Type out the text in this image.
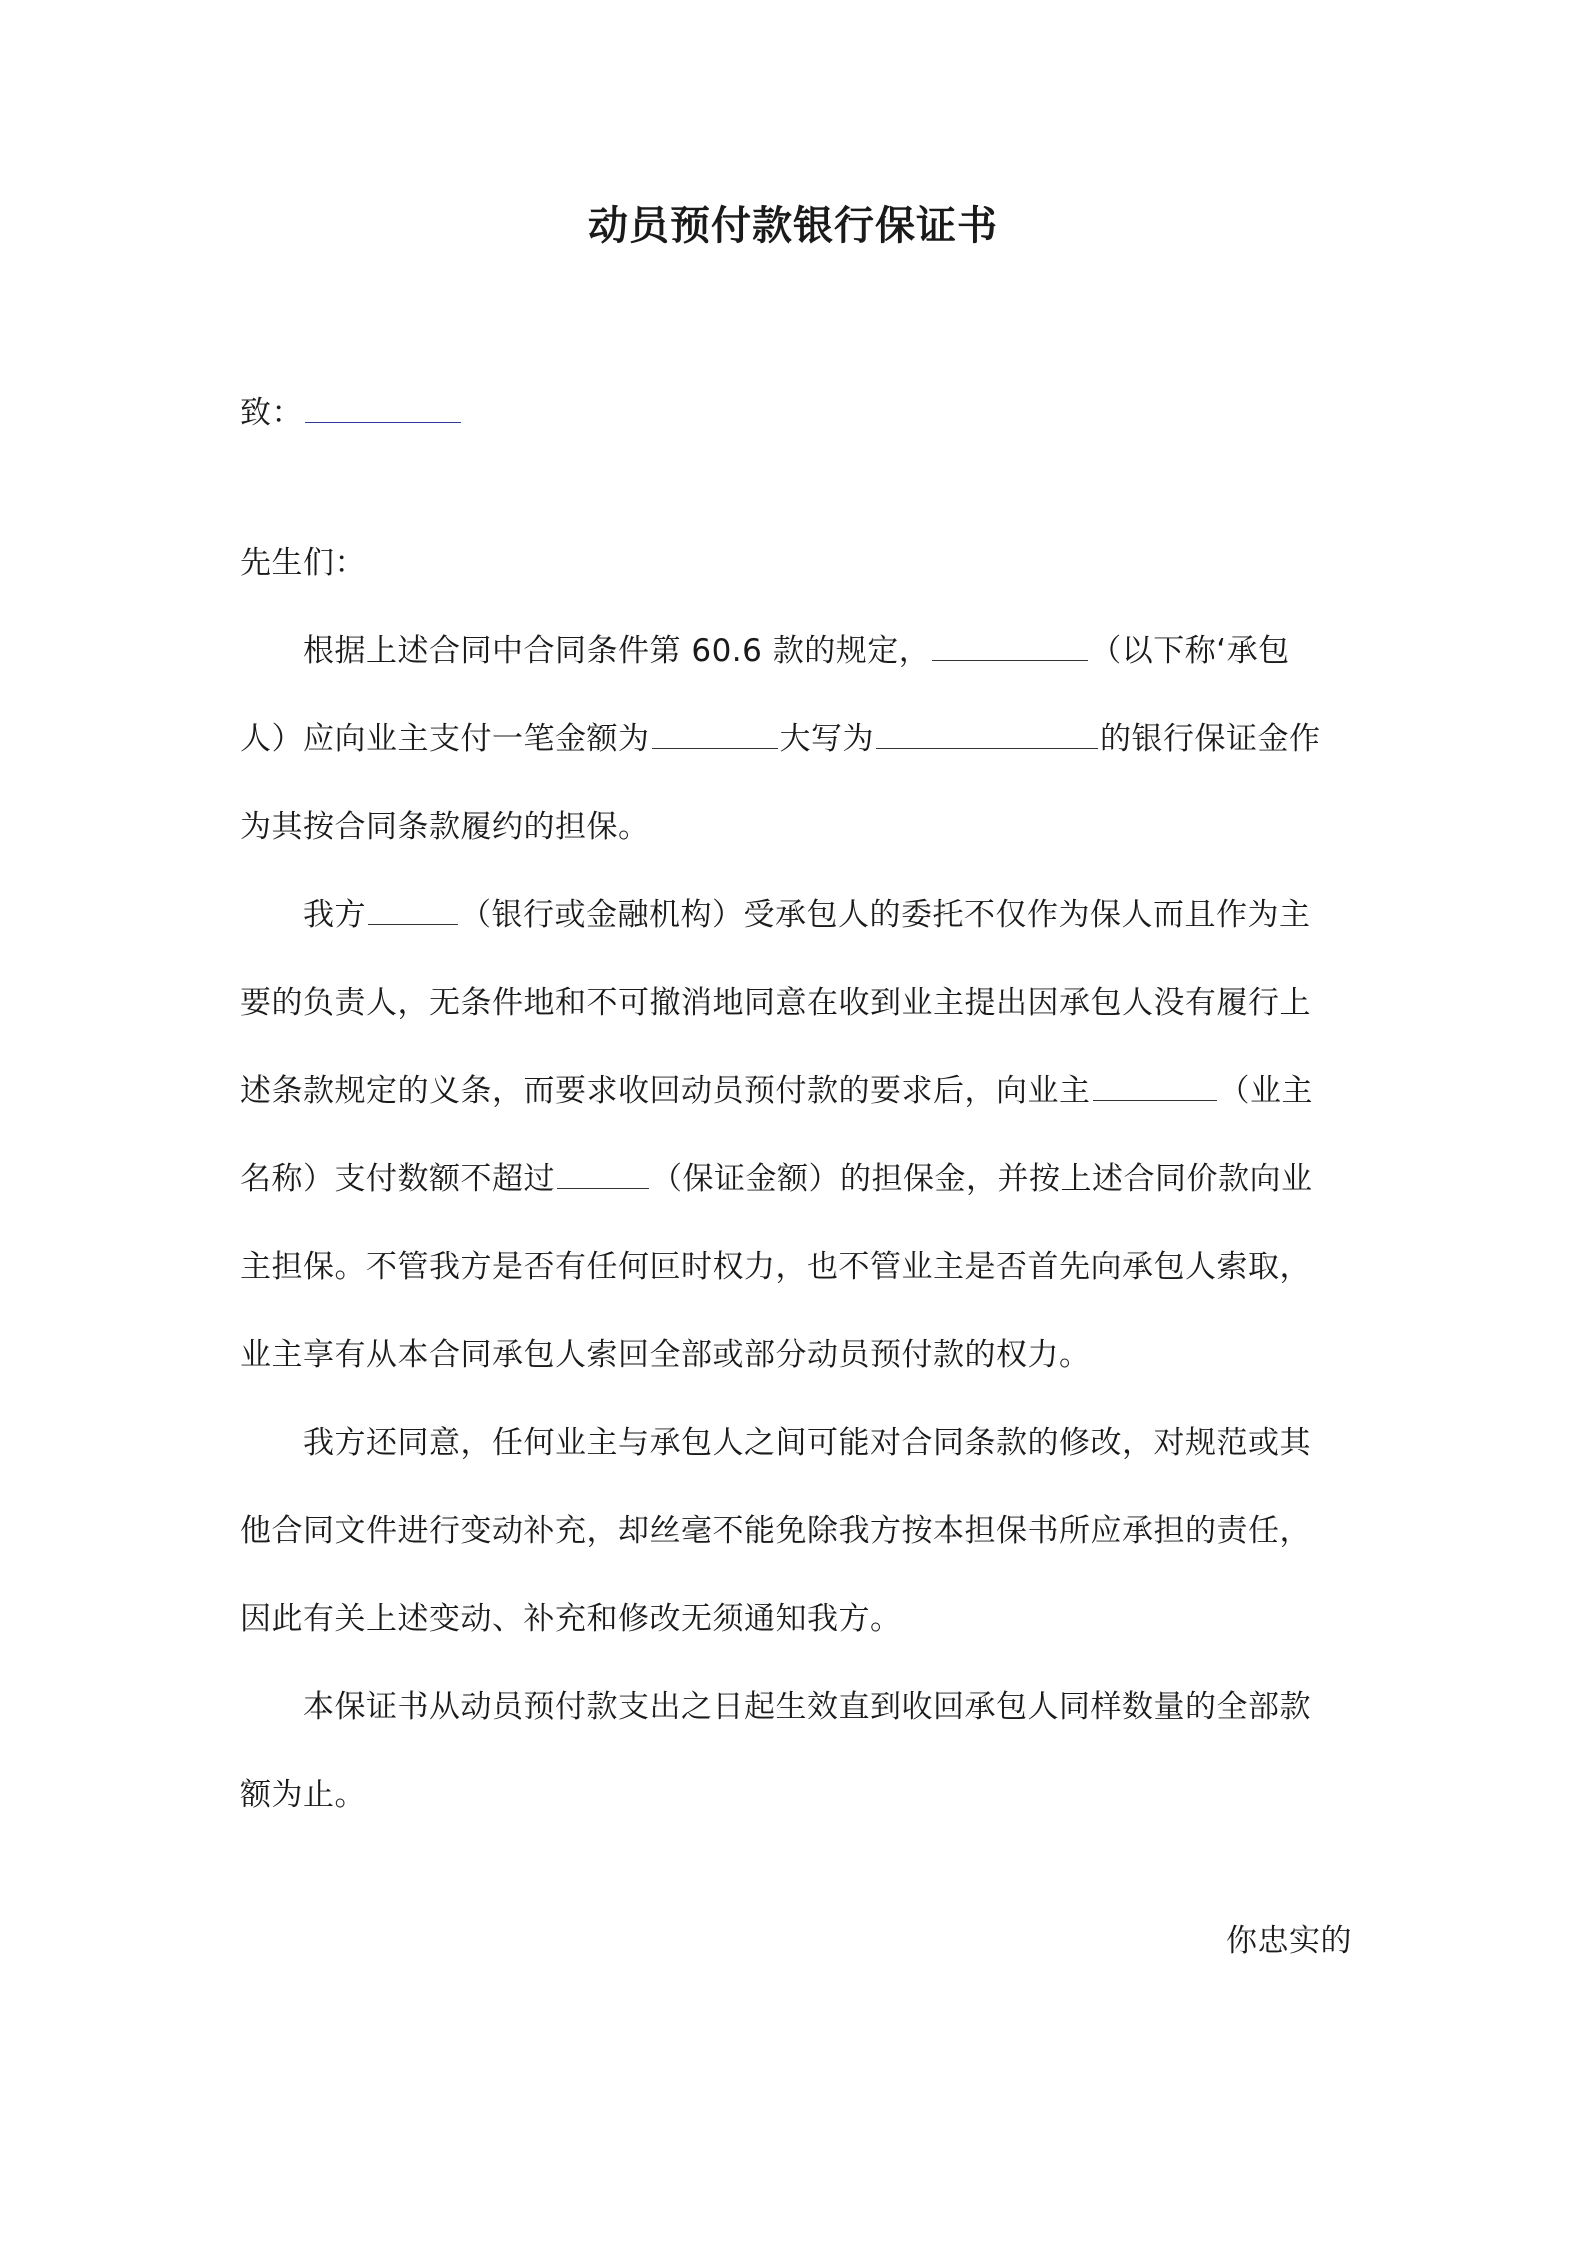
动员预付款银行保证书
致：
先生们：
根据上述合同中合同条件第 60.6 款的规定，	（以下称‘承包
人）应向业主支付一笔金额为	大写为	的银行保证金作
为其按合同条款履约的担保。
我方	（银行或金融机构）受承包人的委托不仅作为保人而且作为主
要的负责人，无条件地和不可撤消地同意在收到业主提出因承包人没有履行上
述条款规定的义条，而要求收回动员预付款的要求后，向业主	（业主
名称）支付数额不超过	（保证金额）的担保金，并按上述合同价款向业
主担保。不管我方是否有任何叵时权力，也不管业主是否首先向承包人索取，
业主享有从本合同承包人索回全部或部分动员预付款的权力。
我方还同意，任何业主与承包人之间可能对合同条款的修改，对规范或其
他合同文件进行变动补充，却丝毫不能免除我方按本担保书所应承担的责任，
因此有关上述变动、补充和修改无须通知我方。
本保证书从动员预付款支出之日起生效直到收回承包人同样数量的全部款
额为止。
你忠实的
